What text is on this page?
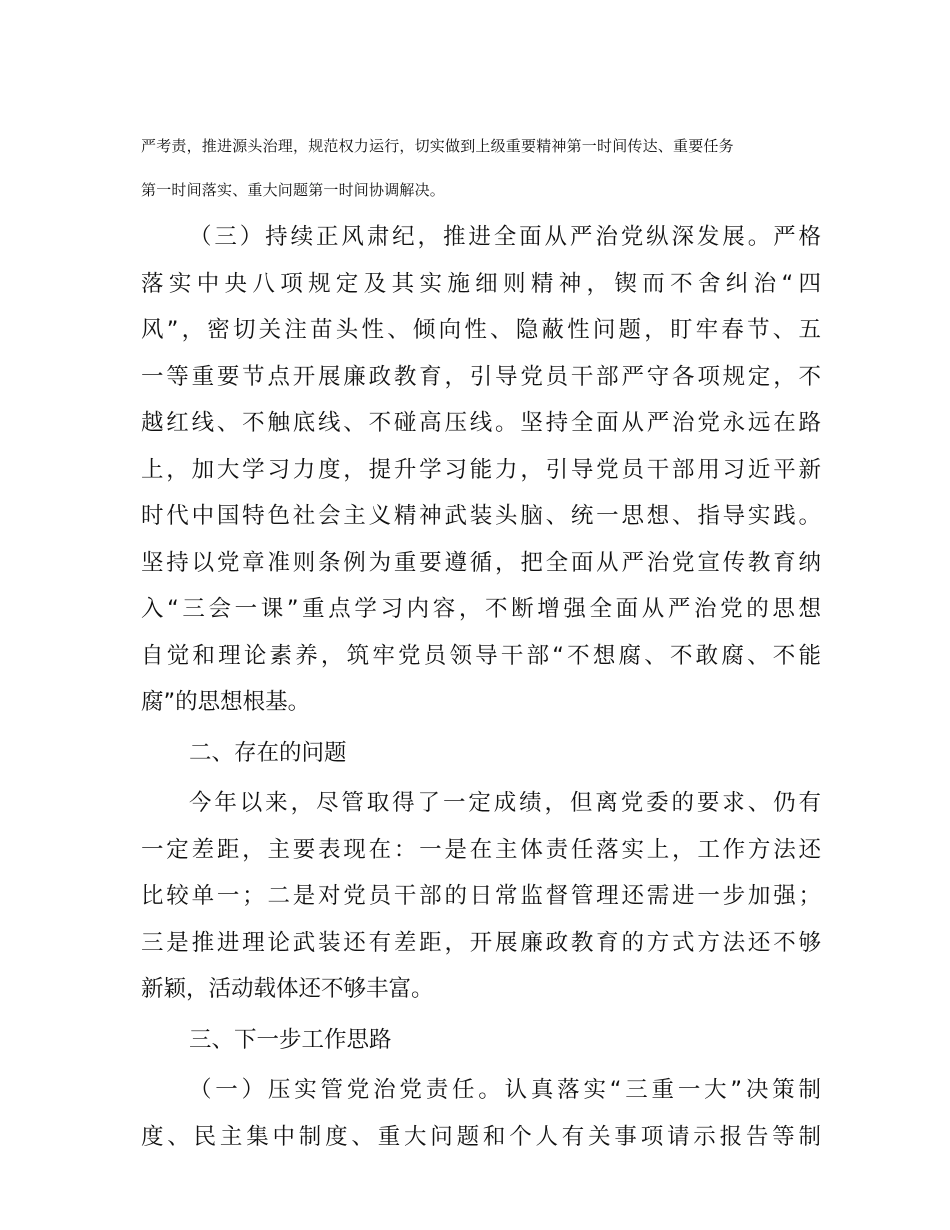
严考责，推进源头治理，规范权力运行，切实做到上级重要精神第一时间传达、重要任务
第一时间落实、重大问题第一时间协调解决。
（三）持续正风肃纪，推进全面从严治党纵深发展。严格
落实中央八项规定及其实施细则精神，锲而不舍纠治“四
风”，密切关注苗头性、倾向性、隐蔽性问题，盯牢春节、五
一等重要节点开展廉政教育，引导党员干部严守各项规定，不
越红线、不触底线、不碰高压线。坚持全面从严治党永远在路
上，加大学习力度，提升学习能力，引导党员干部用习近平新
时代中国特色社会主义精神武装头脑、统一思想、指导实践。
坚持以党章准则条例为重要遵循，把全面从严治党宣传教育纳
入“三会一课”重点学习内容，不断增强全面从严治党的思想
自觉和理论素养，筑牢党员领导干部“不想腐、不敢腐、不能
腐”的思想根基。
二、存在的问题
今年以来，尽管取得了一定成绩，但离党委的要求、仍有
一定差距，主要表现在：一是在主体责任落实上，工作方法还
比较单一；二是对党员干部的日常监督管理还需进一步加强；
三是推进理论武装还有差距，开展廉政教育的方式方法还不够
新颖，活动载体还不够丰富。
三、下一步工作思路
（一）压实管党治党责任。认真落实“三重一大”决策制
度、民主集中制度、重大问题和个人有关事项请示报告等制
